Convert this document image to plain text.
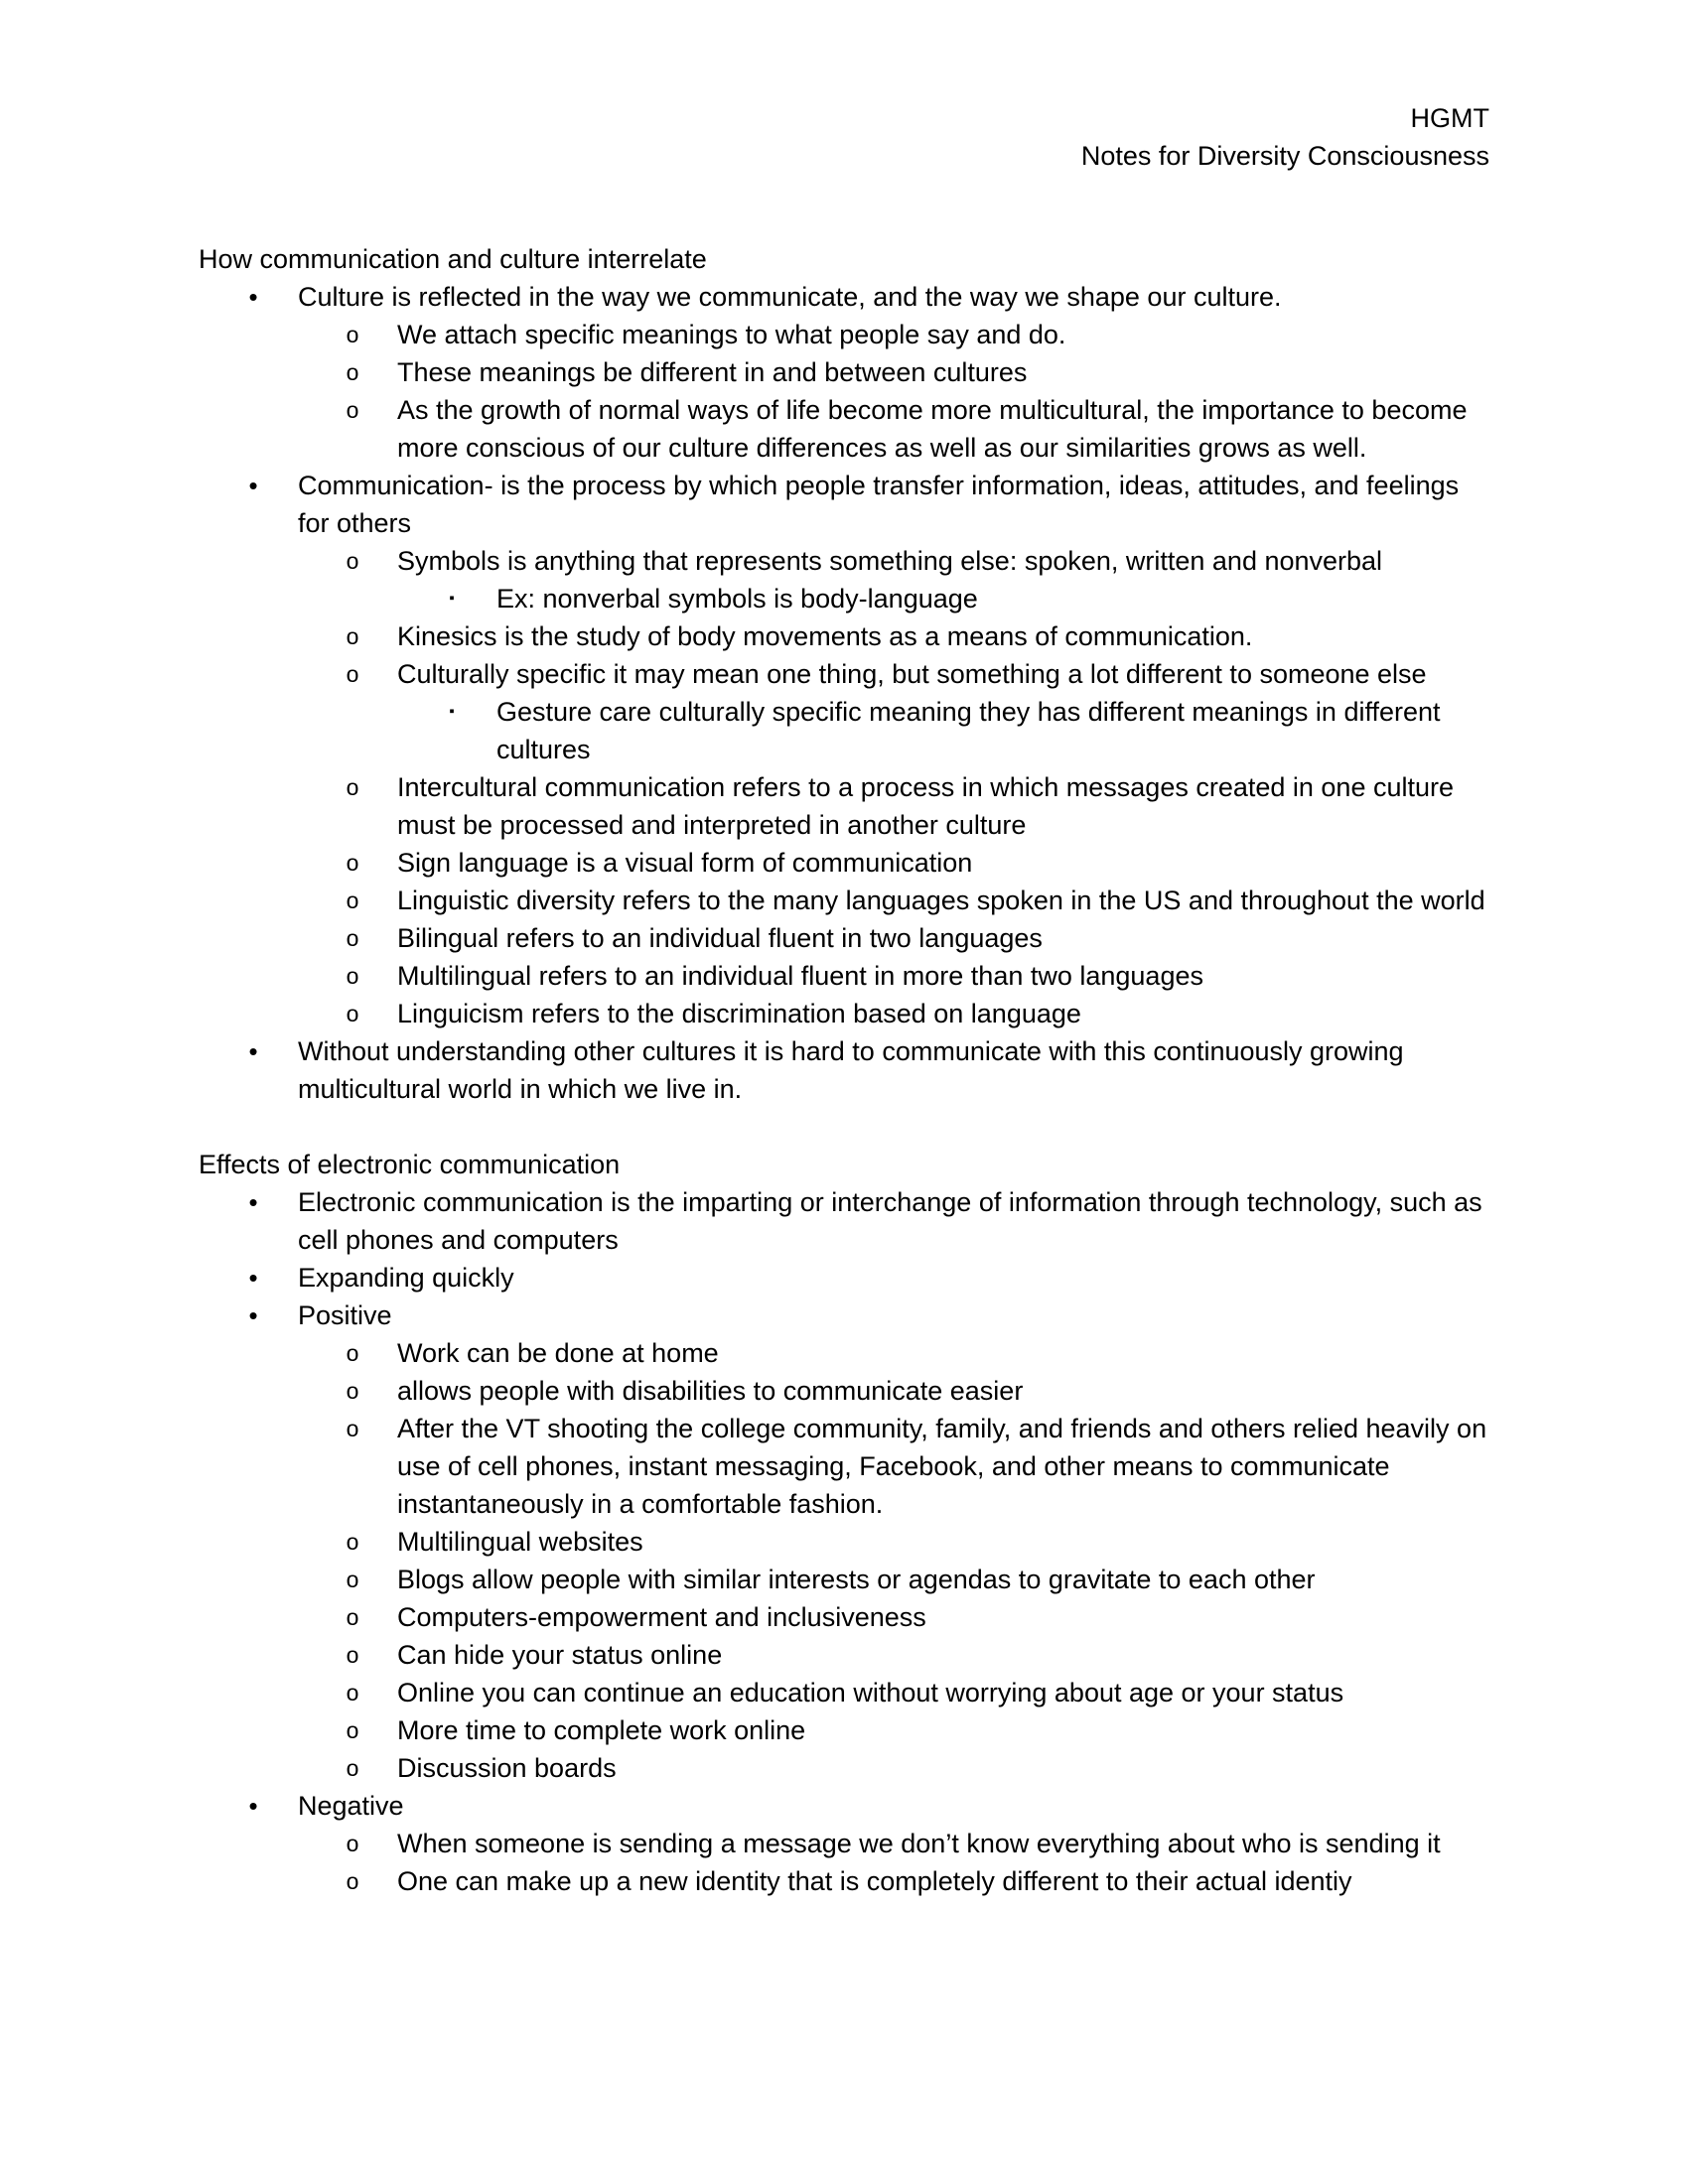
HGMT
Notes for Diversity Consciousness
How communication and culture interrelate
•	Culture is reflected in the way we communicate, and the way we shape our culture.
o	We attach specific meanings to what people say and do.
o	These meanings be different in and between cultures
o	As the growth of normal ways of life become more multicultural, the importance to become more conscious of our culture differences as well as our similarities grows as well.
•	Communication- is the process by which people transfer information, ideas, attitudes, and feelings for others
o	Symbols is anything that represents something else: spoken, written and nonverbal
▪	Ex: nonverbal symbols is body-language
o	Kinesics is the study of body movements as a means of communication.
o	Culturally specific it may mean one thing, but something a lot different to someone else
▪	Gesture care culturally specific meaning they has different meanings in different cultures
o	Intercultural communication refers to a process in which messages created in one culture must be processed and interpreted in another culture
o	Sign language is a visual form of communication
o	Linguistic diversity refers to the many languages spoken in the US and throughout the world
o	Bilingual refers to an individual fluent in two languages
o	Multilingual refers to an individual fluent in more than two languages
o	Linguicism refers to the discrimination based on language
•	Without understanding other cultures it is hard to communicate with this continuously growing multicultural world in which we live in.
Effects of electronic communication
•	Electronic communication is the imparting or interchange of information through technology, such as cell phones and computers
•	Expanding quickly
•	Positive
o	Work can be done at home
o	allows people with disabilities to communicate easier
o	After the VT shooting the college community, family, and friends and others relied heavily on use of cell phones, instant messaging, Facebook, and other means to communicate instantaneously in a comfortable fashion.
o	Multilingual websites
o	Blogs allow people with similar interests or agendas to gravitate to each other
o	Computers-empowerment and inclusiveness
o	Can hide your status online
o	Online you can continue an education without worrying about age or your status
o	More time to complete work online
o	Discussion boards
•	Negative
o	When someone is sending a message we don’t know everything about who is sending it
o	One can make up a new identity that is completely different to their actual identiy
